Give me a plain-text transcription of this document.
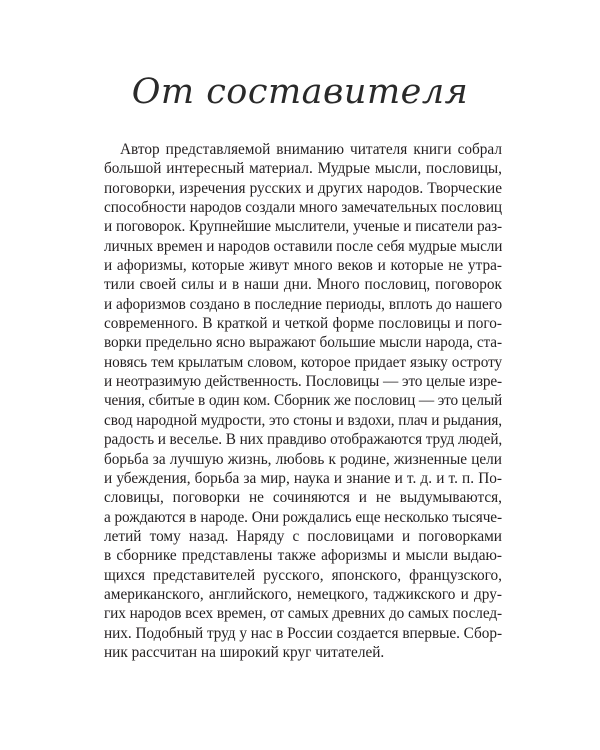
От составителя
Автор представляемой вниманию читателя книги собрал
большой интересный материал. Мудрые мысли, пословицы,
поговорки, изречения русских и других народов. Творческие
способности народов создали много замечательных пословиц
и поговорок. Крупнейшие мыслители, ученые и писатели раз-
личных времен и народов оставили после себя мудрые мысли
и афоризмы, которые живут много веков и которые не утра-
тили своей силы и в наши дни. Много пословиц, поговорок
и афоризмов создано в последние периоды, вплоть до нашего
современного. В краткой и четкой форме пословицы и пого-
ворки предельно ясно выражают большие мысли народа, ста-
новясь тем крылатым словом, которое придает языку остроту
и неотразимую действенность. Пословицы — это целые изре-
чения, сбитые в один ком. Сборник же пословиц — это целый
свод народной мудрости, это стоны и вздохи, плач и рыдания,
радость и веселье. В них правдиво отображаются труд людей,
борьба за лучшую жизнь, любовь к родине, жизненные цели
и убеждения, борьба за мир, наука и знание и т. д. и т. п. По-
словицы, поговорки не сочиняются и не выдумываются,
а рождаются в народе. Они рождались еще несколько тысяче-
летий тому назад. Наряду с пословицами и поговорками
в сборнике представлены также афоризмы и мысли выдаю-
щихся представителей русского, японского, французского,
американского, английского, немецкого, таджикского и дру-
гих народов всех времен, от самых древних до самых послед-
них. Подобный труд у нас в России создается впервые. Сбор-
ник рассчитан на широкий круг читателей.
